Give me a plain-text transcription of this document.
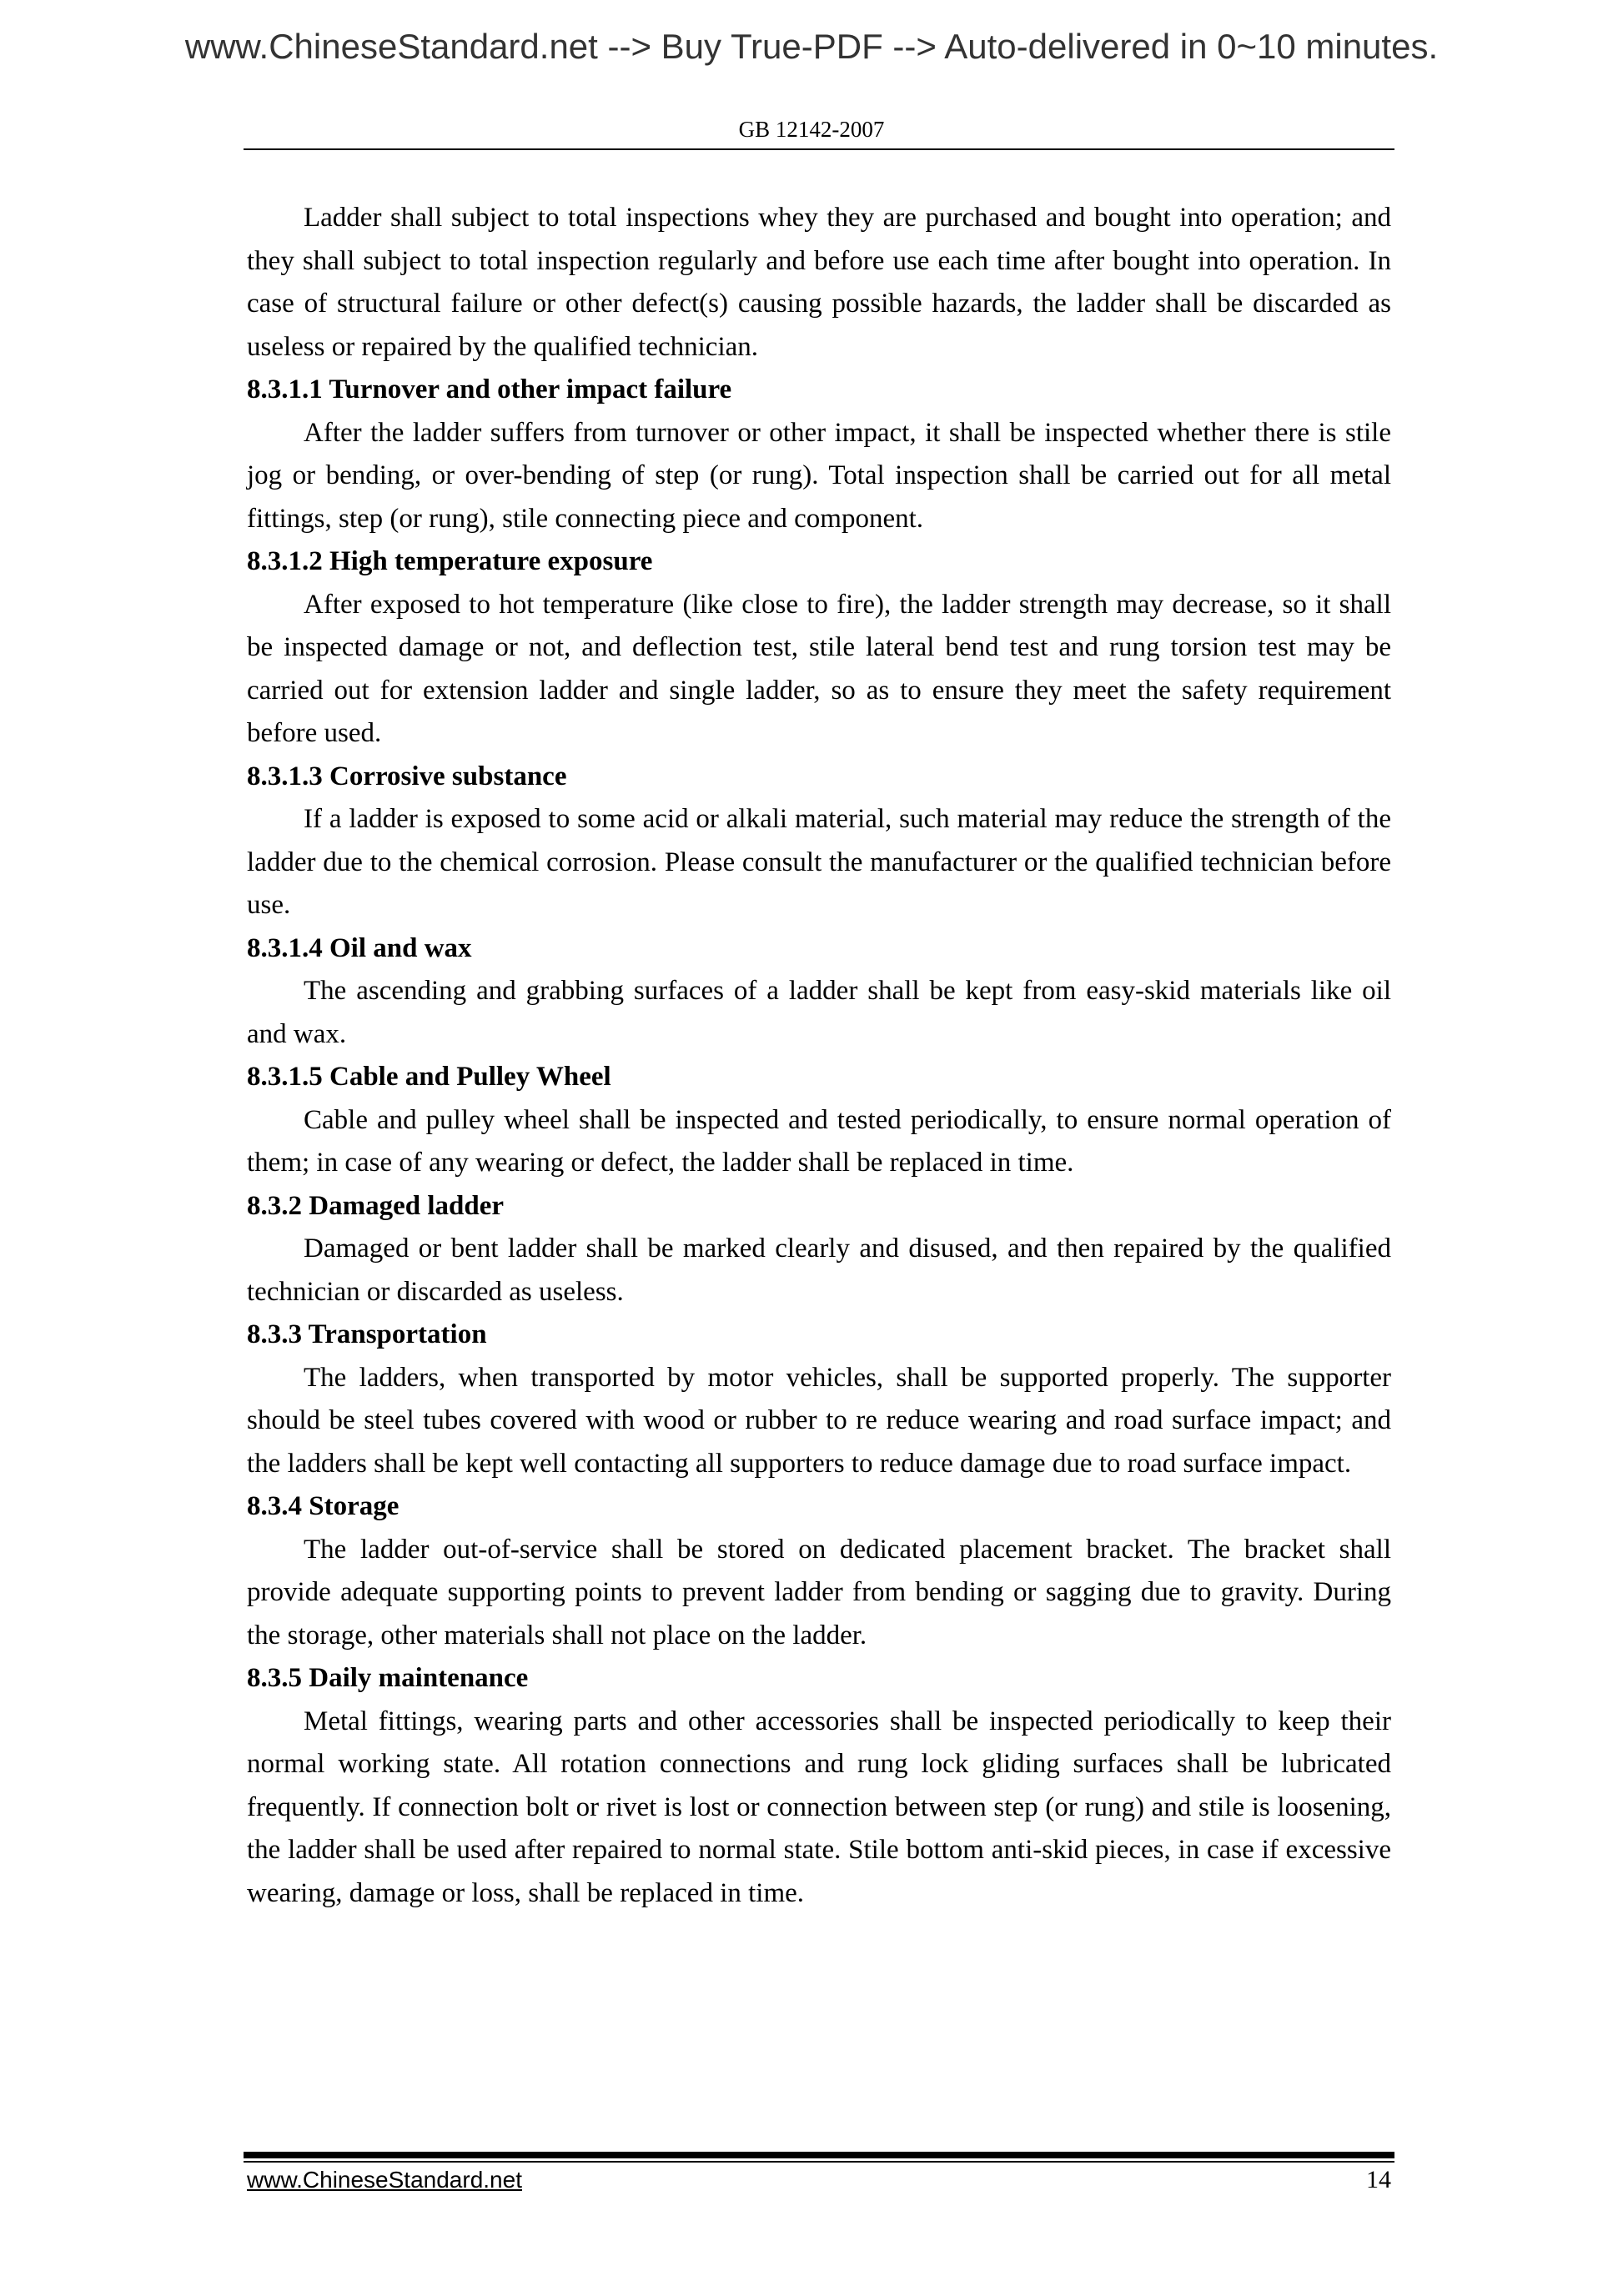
www.ChineseStandard.net --> Buy True-PDF --> Auto-delivered in 0~10 minutes.
GB 12142-2007

Ladder shall subject to total inspections whey they are purchased and bought into operation; and they shall subject to total inspection regularly and before use each time after bought into operation. In case of structural failure or other defect(s) causing possible hazards, the ladder shall be discarded as useless or repaired by the qualified technician.

8.3.1.1 Turnover and other impact failure

After the ladder suffers from turnover or other impact, it shall be inspected whether there is stile jog or bending, or over-bending of step (or rung). Total inspection shall be carried out for all metal fittings, step (or rung), stile connecting piece and component.

8.3.1.2 High temperature exposure

After exposed to hot temperature (like close to fire), the ladder strength may decrease, so it shall be inspected damage or not, and deflection test, stile lateral bend test and rung torsion test may be carried out for extension ladder and single ladder, so as to ensure they meet the safety requirement before used.

8.3.1.3 Corrosive substance

If a ladder is exposed to some acid or alkali material, such material may reduce the strength of the ladder due to the chemical corrosion. Please consult the manufacturer or the qualified technician before use.

8.3.1.4 Oil and wax

The ascending and grabbing surfaces of a ladder shall be kept from easy-skid materials like oil and wax.

8.3.1.5 Cable and Pulley Wheel

Cable and pulley wheel shall be inspected and tested periodically, to ensure normal operation of them; in case of any wearing or defect, the ladder shall be replaced in time.

8.3.2 Damaged ladder

Damaged or bent ladder shall be marked clearly and disused, and then repaired by the qualified technician or discarded as useless.

8.3.3 Transportation

The ladders, when transported by motor vehicles, shall be supported properly. The supporter should be steel tubes covered with wood or rubber to re reduce wearing and road surface impact; and the ladders shall be kept well contacting all supporters to reduce damage due to road surface impact.

8.3.4 Storage

The ladder out-of-service shall be stored on dedicated placement bracket. The bracket shall provide adequate supporting points to prevent ladder from bending or sagging due to gravity. During the storage, other materials shall not place on the ladder.

8.3.5 Daily maintenance

Metal fittings, wearing parts and other accessories shall be inspected periodically to keep their normal working state. All rotation connections and rung lock gliding surfaces shall be lubricated frequently. If connection bolt or rivet is lost or connection between step (or rung) and stile is loosening, the ladder shall be used after repaired to normal state. Stile bottom anti-skid pieces, in case if excessive wearing, damage or loss, shall be replaced in time.

www.ChineseStandard.net	14
